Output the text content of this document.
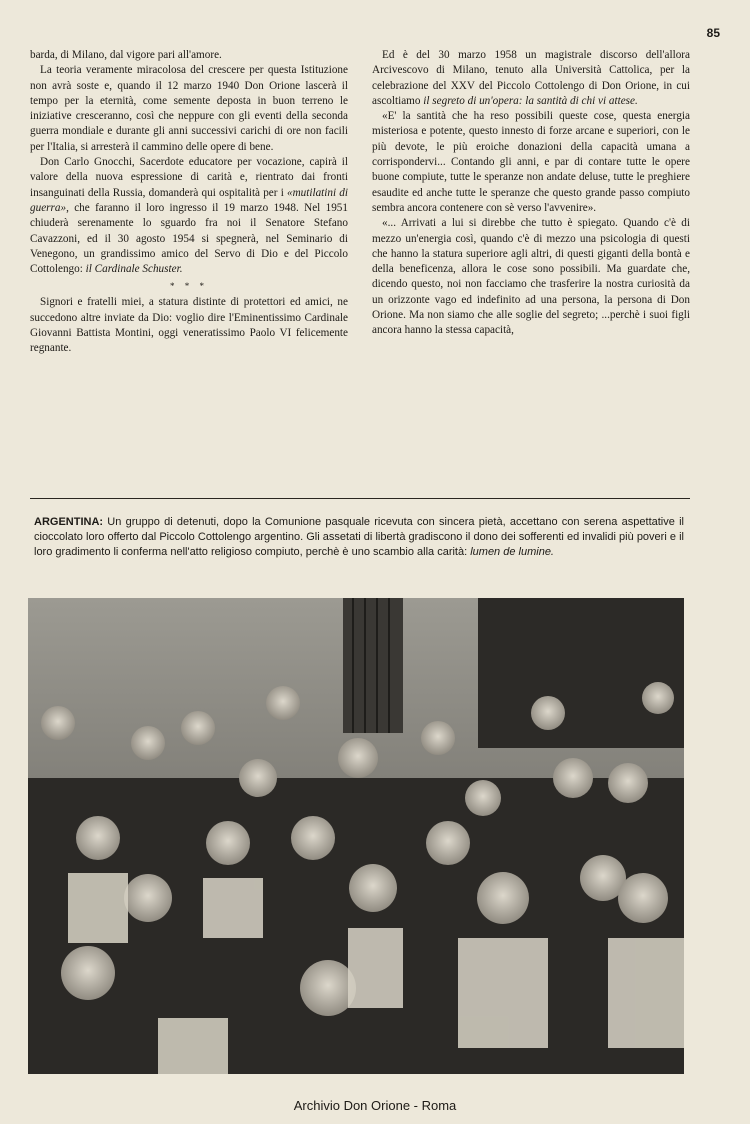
85

barda, di Milano, dal vigore pari all'amore.

La teoria veramente miracolosa del crescere per questa Istituzione non avrà soste e, quando il 12 marzo 1940 Don Orione lascerà il tempo per la eternità, come semente deposta in buon terreno le iniziative cresceranno, così che neppure con gli eventi della seconda guerra mondiale e durante gli anni successivi carichi di ore non facili per l'Italia, si arresterà il cammino delle opere di bene.

Don Carlo Gnocchi, Sacerdote educatore per vocazione, capirà il valore della nuova espressione di carità e, rientrato dai fronti insanguinati della Russia, domanderà qui ospitalità per i «mutilatini di guerra», che faranno il loro ingresso il 19 marzo 1948. Nel 1951 chiuderà serenamente lo sguardo fra noi il Senatore Stefano Cavazzoni, ed il 30 agosto 1954 si spegnerà, nel Seminario di Venegono, un grandissimo amico del Servo di Dio e del Piccolo Cottolengo: il Cardinale Schuster.

* * *

Signori e fratelli miei, a statura distinte di protettori ed amici, ne succedono altre inviate da Dio: voglio dire l'Eminentissimo Cardinale Giovanni Battista Montini, oggi veneratissimo Paolo VI felicemente regnante.

Ed è del 30 marzo 1958 un magistrale discorso dell'allora Arcivescovo di Milano, tenuto alla Università Cattolica, per la celebrazione del XXV del Piccolo Cottolengo di Don Orione, in cui ascoltiamo il segreto di un'opera: la santità di chi vi attese.

«E' la santità che ha reso possibili queste cose, questa energia misteriosa e potente, questo innesto di forze arcane e superiori, con le più devote, le più eroiche donazioni della capacità umana a corrispondervi... Contando gli anni, e par di contare tutte le opere buone compiute, tutte le speranze non andate deluse, tutte le preghiere esaudite ed anche tutte le speranze che questo grande passo compiuto sembra ancora contenere con sè verso l'avvenire».

«... Arrivati a lui si direbbe che tutto è spiegato. Quando c'è di mezzo un'energia così, quando c'è di mezzo una psicologia di questi che hanno la statura superiore agli altri, di questi giganti della bontà e della beneficenza, allora le cose sono possibili. Ma guardate che, dicendo questo, noi non facciamo che trasferire la nostra curiosità da un orizzonte vago ed indefinito ad una persona, la persona di Don Orione. Ma non siamo che alle soglie del segreto; ...perchè i suoi figli ancora hanno la stessa capacità,

ARGENTINA: Un gruppo di detenuti, dopo la Comunione pasquale ricevuta con sincera pietà, accettano con serena aspettative il cioccolato loro offerto dal Piccolo Cottolengo argentino. Gli assetati di libertà gradiscono il dono dei sofferenti ed invalidi più poveri e il loro gradimento li conferma nell'atto religioso compiuto, perchè è uno scambio alla carità: lumen de lumine.
Archivio Don Orione - Roma
